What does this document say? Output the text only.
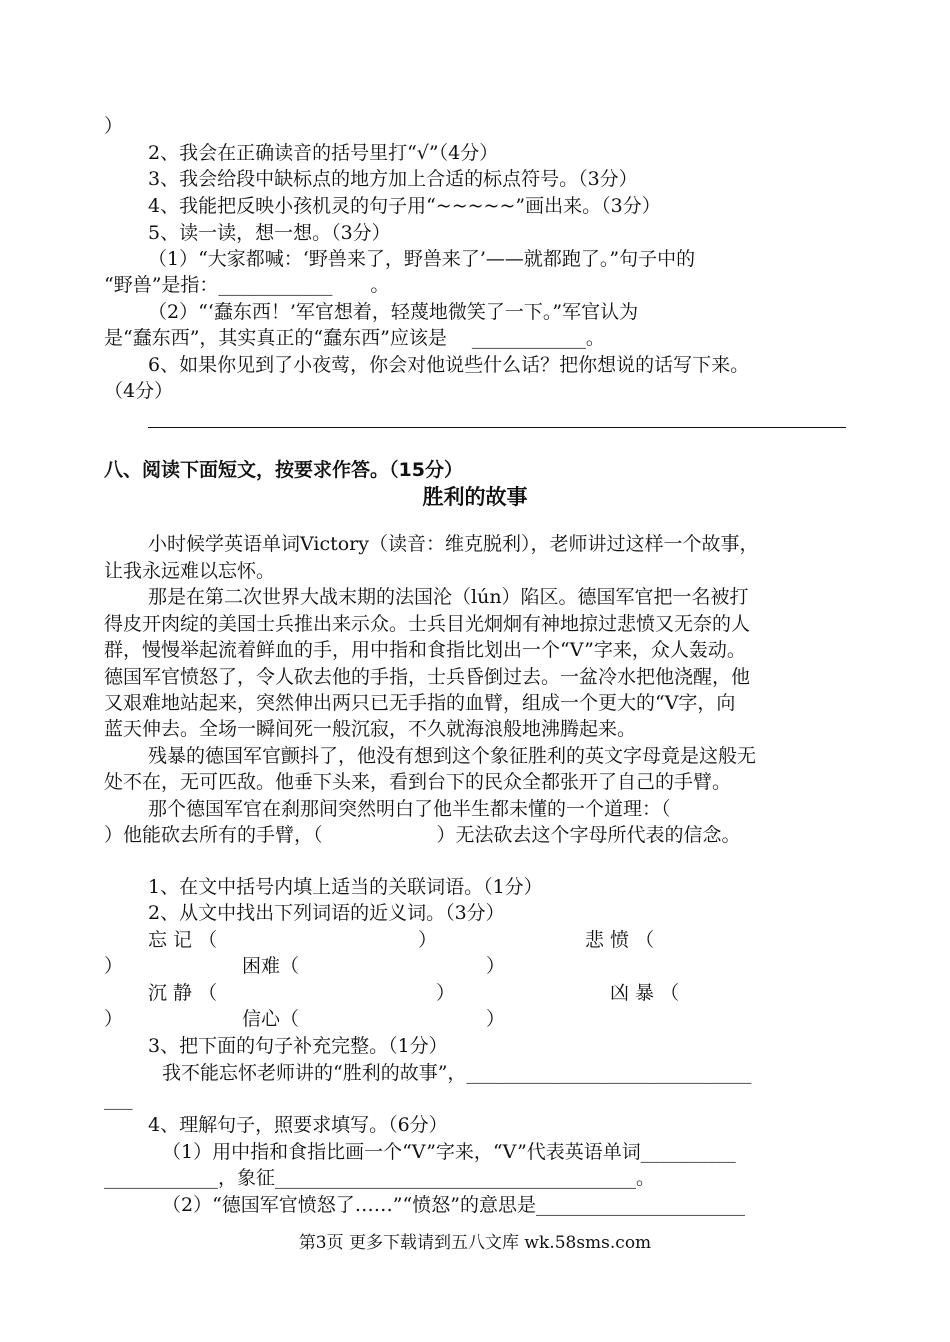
）
2、我会在正确读音的括号里打“√”（4分）
3、我会给段中缺标点的地方加上合适的标点符号。（3分）
4、我能把反映小孩机灵的句子用“~~~~~”画出来。（3分）
5、读一读，想一想。（3分）
（1）“大家都喊：‘野兽来了，野兽来了’——就都跑了。”句子中的
“野兽”是指：____________　　。
（2）“‘蠢东西！’军官想着，轻蔑地微笑了一下。”军官认为
是“蠢东西”，其实真正的“蠢东西”应该是　 ____________。
6、如果你见到了小夜莺，你会对他说些什么话？把你想说的话写下来。
（4分）
八、阅读下面短文，按要求作答。（15分）
胜利的故事
小时候学英语单词Victory（读音：维克脱利），老师讲过这样一个故事，
让我永远难以忘怀。
那是在第二次世界大战末期的法国沦（lún）陷区。德国军官把一名被打
得皮开肉绽的美国士兵推出来示众。士兵目光炯炯有神地掠过悲愤又无奈的人
群，慢慢举起流着鲜血的手，用中指和食指比划出一个“V”字来，众人轰动。
德国军官愤怒了，令人砍去他的手指，士兵昏倒过去。一盆冷水把他浇醒，他
又艰难地站起来，突然伸出两只已无手指的血臂，组成一个更大的“V字，向
蓝天伸去。全场一瞬间死一般沉寂，不久就海浪般地沸腾起来。
残暴的德国军官颤抖了，他没有想到这个象征胜利的英文字母竟是这般无
处不在，无可匹敌。他垂下头来，看到台下的民众全都张开了自己的手臂。
那个德国军官在刹那间突然明白了他半生都未懂的一个道理：（
）他能砍去所有的手臂，（　　　　　　）无法砍去这个字母所代表的信念。
1、在文中括号内填上适当的关联词语。（1分）
2、从文中找出下列词语的近义词。（3分）
忘 记 （	）	悲 愤 （
）	困难（	）
沉 静 （	）	凶 暴 （
）	信心（	）
3、把下面的句子补充完整。（1分）
我不能忘怀老师讲的“胜利的故事”，______________________________
___
4、理解句子，照要求填写。（6分）
（1）用中指和食指比画一个“V”字来，“V”代表英语单词__________
____________，象征______________________________________。
（2）“德国军官愤怒了……”“愤怒”的意思是______________________
第3页 更多下载请到五八文库 wk.58sms.com
